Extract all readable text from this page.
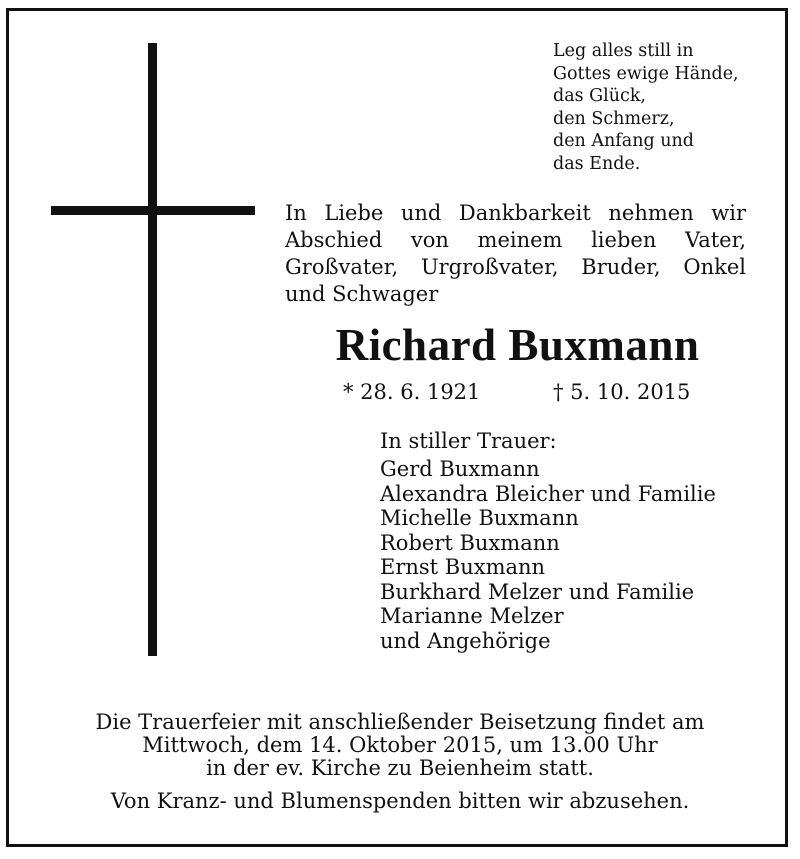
Leg alles still in
Gottes ewige Hände,
das Glück,
den Schmerz,
den Anfang und
das Ende.
In Liebe und Dankbarkeit nehmen wir
Abschied von meinem lieben Vater,
Großvater, Urgroßvater, Bruder, Onkel
und Schwager
Richard Buxmann
* 28. 6. 1921	† 5. 10. 2015
In stiller Trauer:
Gerd Buxmann
Alexandra Bleicher und Familie
Michelle Buxmann
Robert Buxmann
Ernst Buxmann
Burkhard Melzer und Familie
Marianne Melzer
und Angehörige
Die Trauerfeier mit anschließender Beisetzung findet am
Mittwoch, dem 14. Oktober 2015, um 13.00 Uhr
in der ev. Kirche zu Beienheim statt.
Von Kranz- und Blumenspenden bitten wir abzusehen.
